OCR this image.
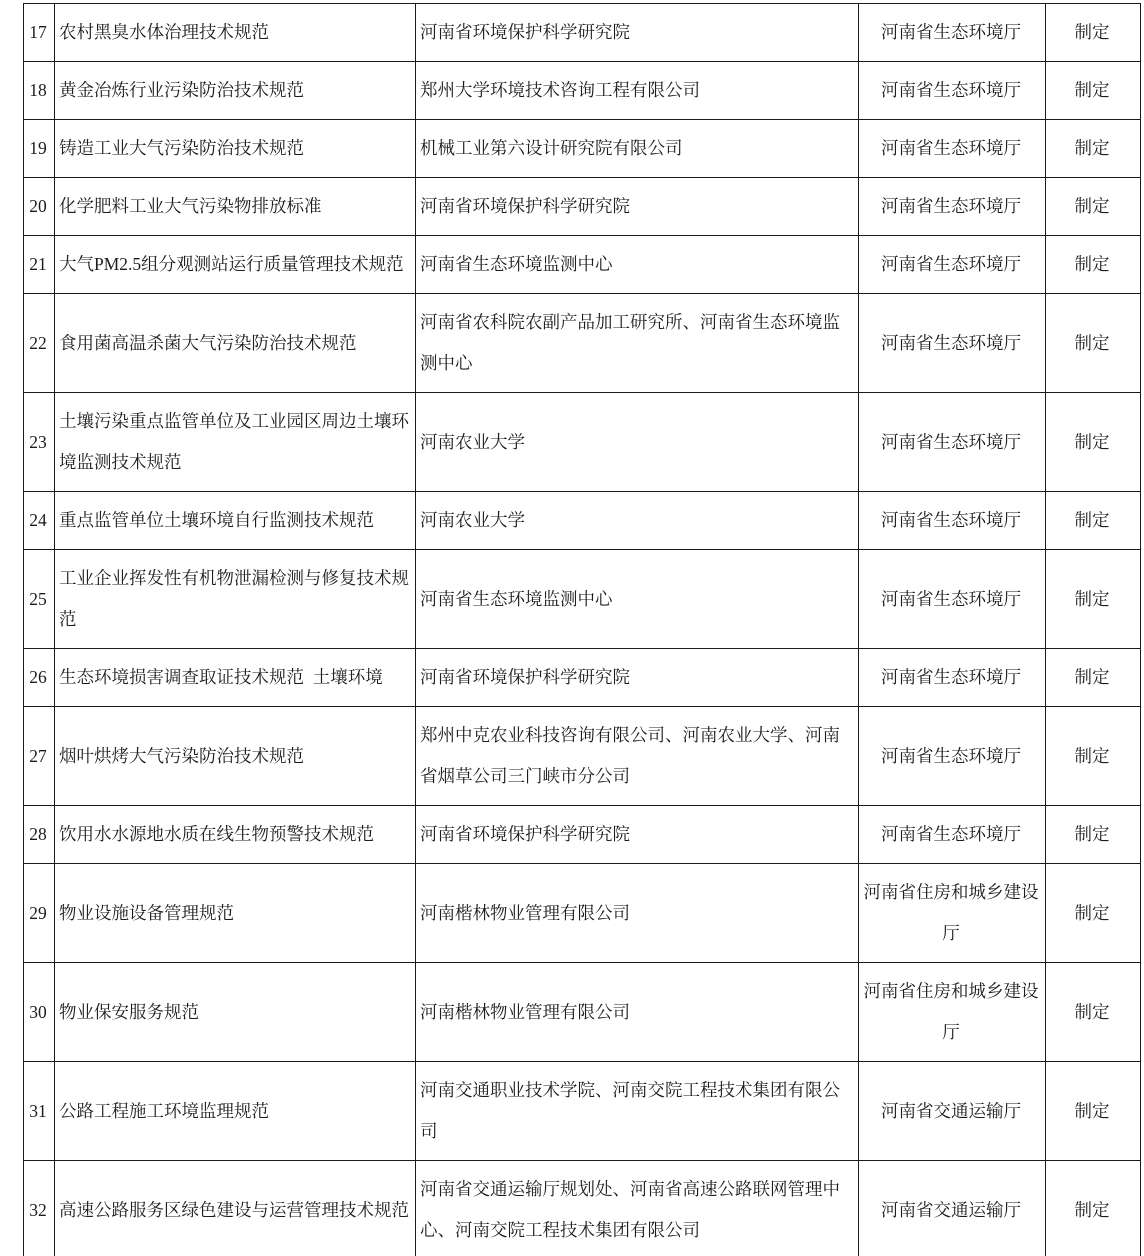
17	农村黑臭水体治理技术规范	河南省环境保护科学研究院	河南省生态环境厅	制定
18	黄金冶炼行业污染防治技术规范	郑州大学环境技术咨询工程有限公司	河南省生态环境厅	制定
19	铸造工业大气污染防治技术规范	机械工业第六设计研究院有限公司	河南省生态环境厅	制定
20	化学肥料工业大气污染物排放标准	河南省环境保护科学研究院	河南省生态环境厅	制定
21	大气PM2.5组分观测站运行质量管理技术规范	河南省生态环境监测中心	河南省生态环境厅	制定
22	食用菌高温杀菌大气污染防治技术规范	河南省农科院农副产品加工研究所、河南省生态环境监测中心	河南省生态环境厅	制定
23	土壤污染重点监管单位及工业园区周边土壤环境监测技术规范	河南农业大学	河南省生态环境厅	制定
24	重点监管单位土壤环境自行监测技术规范	河南农业大学	河南省生态环境厅	制定
25	工业企业挥发性有机物泄漏检测与修复技术规范	河南省生态环境监测中心	河南省生态环境厅	制定
26	生态环境损害调查取证技术规范 土壤环境	河南省环境保护科学研究院	河南省生态环境厅	制定
27	烟叶烘烤大气污染防治技术规范	郑州中克农业科技咨询有限公司、河南农业大学、河南省烟草公司三门峡市分公司	河南省生态环境厅	制定
28	饮用水水源地水质在线生物预警技术规范	河南省环境保护科学研究院	河南省生态环境厅	制定
29	物业设施设备管理规范	河南楷林物业管理有限公司	河南省住房和城乡建设厅	制定
30	物业保安服务规范	河南楷林物业管理有限公司	河南省住房和城乡建设厅	制定
31	公路工程施工环境监理规范	河南交通职业技术学院、河南交院工程技术集团有限公司	河南省交通运输厅	制定
32	高速公路服务区绿色建设与运营管理技术规范	河南省交通运输厅规划处、河南省高速公路联网管理中心、河南交院工程技术集团有限公司	河南省交通运输厅	制定
